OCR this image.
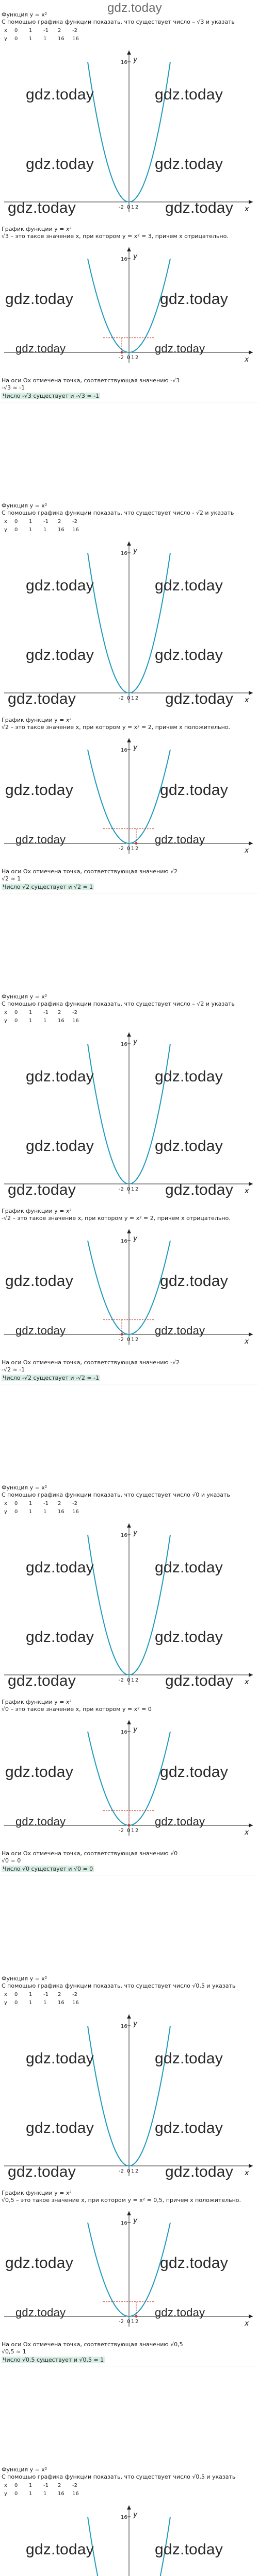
gdz.today
Функция y = x²
С помощью графика функции показать, что существует число – √3 и указать
x	0	1	-1	2	-2
y	0	1	1	16	16
16 y
x
-2 0 1 2
gdz.today	gdz.today
gdz.today	gdz.today
gdz.today	gdz.today
График функции y = x²
√3 – это такое значение x, при котором y = x² = 3, причем x отрицательно.
16 y
x
-2 0 1 2
gdz.today	gdz.today
gdz.today	gdz.today
На оси Ox отмечена точка, соответствующая значению -√3
-√3 ≈ -1
Число -√3 существует и -√3 ≈ -1
Функция y = x²
С помощью графика функции показать, что существует число - √2 и указать
x	0	1	-1	2	-2
y	0	1	1	16	16
16 y
x
-2 0 1 2
gdz.today	gdz.today
gdz.today	gdz.today
gdz.today	gdz.today
График функции y = x²
√2 – это такое значение x, при котором y = x² = 2, причем x положительно.
16 y
x
-2 0 1 2
gdz.today	gdz.today
gdz.today	gdz.today
На оси Ox отмечена точка, соответствующая значению √2
√2 ≈ 1
Число √2 существует и √2 ≈ 1
Функция y = x²
С помощью графика функции показать, что существует число – √2 и указать
x	0	1	-1	2	-2
y	0	1	1	16	16
16 y
x
-2 0 1 2
gdz.today	gdz.today
gdz.today	gdz.today
gdz.today	gdz.today
График функции y = x²
-√2 – это такое значение x, при котором y = x² = 2, причем x отрицательно.
16 y
x
-2 0 1 2
gdz.today	gdz.today
gdz.today	gdz.today
На оси Ox отмечена точка, соответствующая значению -√2
-√2 ≈ -1
Число -√2 существует и -√2 ≈ -1
Функция y = x²
С помощью графика функции показать, что существует число √0 и указать
x	0	1	-1	2	-2
y	0	1	1	16	16
16 y
x
-2 0 1 2
gdz.today	gdz.today
gdz.today	gdz.today
gdz.today	gdz.today
График функции y = x²
√0 – это такое значение x, при котором y = x² = 0
16 y
x
-2 0 1 2
gdz.today	gdz.today
gdz.today	gdz.today
На оси Ox отмечена точка, соответствующая значению √0
√0 = 0
Число √0 существует и √0 = 0
Функция y = x²
С помощью графика функции показать, что существует число √0,5 и указать
x	0	1	-1	2	-2
y	0	1	1	16	16
16 y
x
-2 0 1 2
gdz.today	gdz.today
gdz.today	gdz.today
gdz.today	gdz.today
График функции y = x²
√0,5 – это такое значение x, при котором y = x² = 0,5, причем x положительно.
16 y
x
-2 0 1 2
gdz.today	gdz.today
gdz.today	gdz.today
На оси Ox отмечена точка, соответствующая значению √0,5
√0,5 ≈ 1
Число √0,5 существует и √0,5 ≈ 1
Функция y = x²
С помощью графика функции показать, что существует число √0,5 и указать
x	0	1	-1	2	-2
y	0	1	1	16	16
16 y
gdz.today	gdz.today
